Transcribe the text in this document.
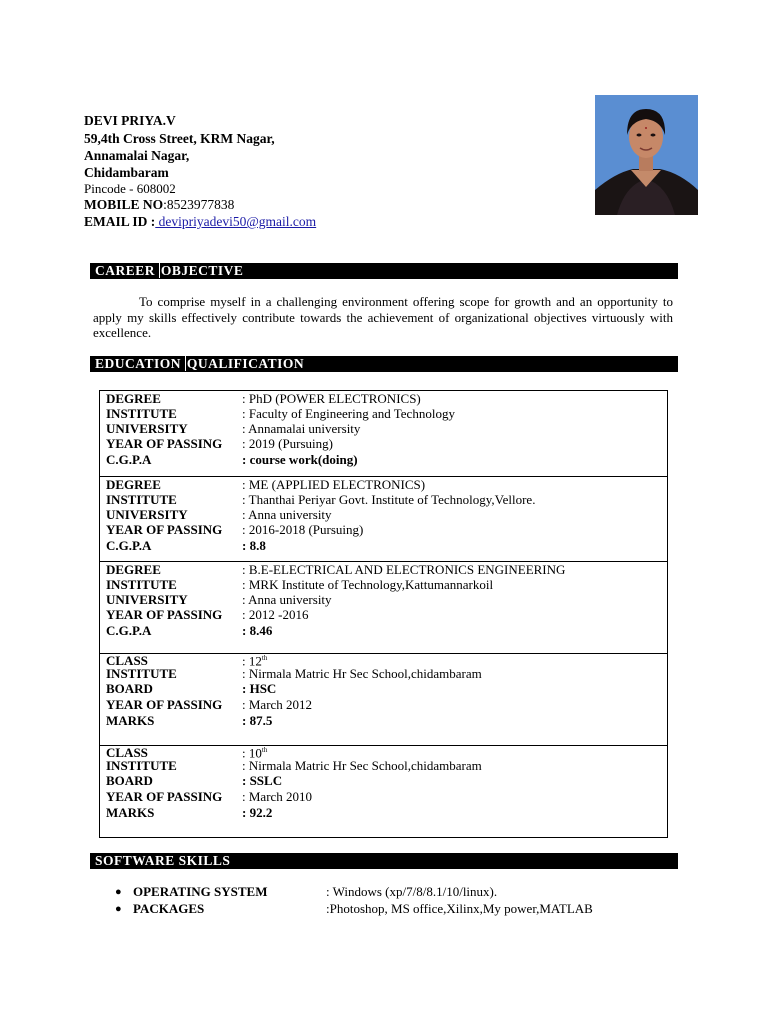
DEVI PRIYA.V
59,4th Cross Street, KRM Nagar,
Annamalai Nagar,
Chidambaram
Pincode - 608002
MOBILE NO:8523977838
EMAIL ID : devipriyadevi50@gmail.com
CAREER OBJECTIVE
To comprise myself in a challenging environment offering scope for growth and an opportunity to apply my skills effectively contribute towards the achievement of organizational objectives virtuously with excellence.
EDUCATION QUALIFICATION
DEGREE	: PhD (POWER ELECTRONICS)
INSTITUTE	: Faculty of Engineering and Technology
UNIVERSITY	: Annamalai university
YEAR OF PASSING : 2019 (Pursuing)
C.G.P.A	: course work(doing)
DEGREE	: ME (APPLIED ELECTRONICS)
INSTITUTE	: Thanthai Periyar Govt. Institute of Technology,Vellore.
UNIVERSITY	: Anna university
YEAR OF PASSING : 2016-2018 (Pursuing)
C.G.P.A	: 8.8
DEGREE	: B.E-ELECTRICAL AND ELECTRONICS ENGINEERING
INSTITUTE	: MRK Institute of Technology,Kattumannarkoil
UNIVERSITY	: Anna university
YEAR OF PASSING : 2012 -2016
C.G.P.A	: 8.46
CLASS	: 12th
INSTITUTE	: Nirmala Matric Hr Sec School,chidambaram
BOARD	: HSC
YEAR OF PASSING : March 2012
MARKS	: 87.5
CLASS	: 10th
INSTITUTE	: Nirmala Matric Hr Sec School,chidambaram
BOARD	: SSLC
YEAR OF PASSING : March 2010
MARKS	: 92.2
SOFTWARE SKILLS
● OPERATING SYSTEM	: Windows (xp/7/8/8.1/10/linux).
● PACKAGES	:Photoshop, MS office,Xilinx,My power,MATLAB
